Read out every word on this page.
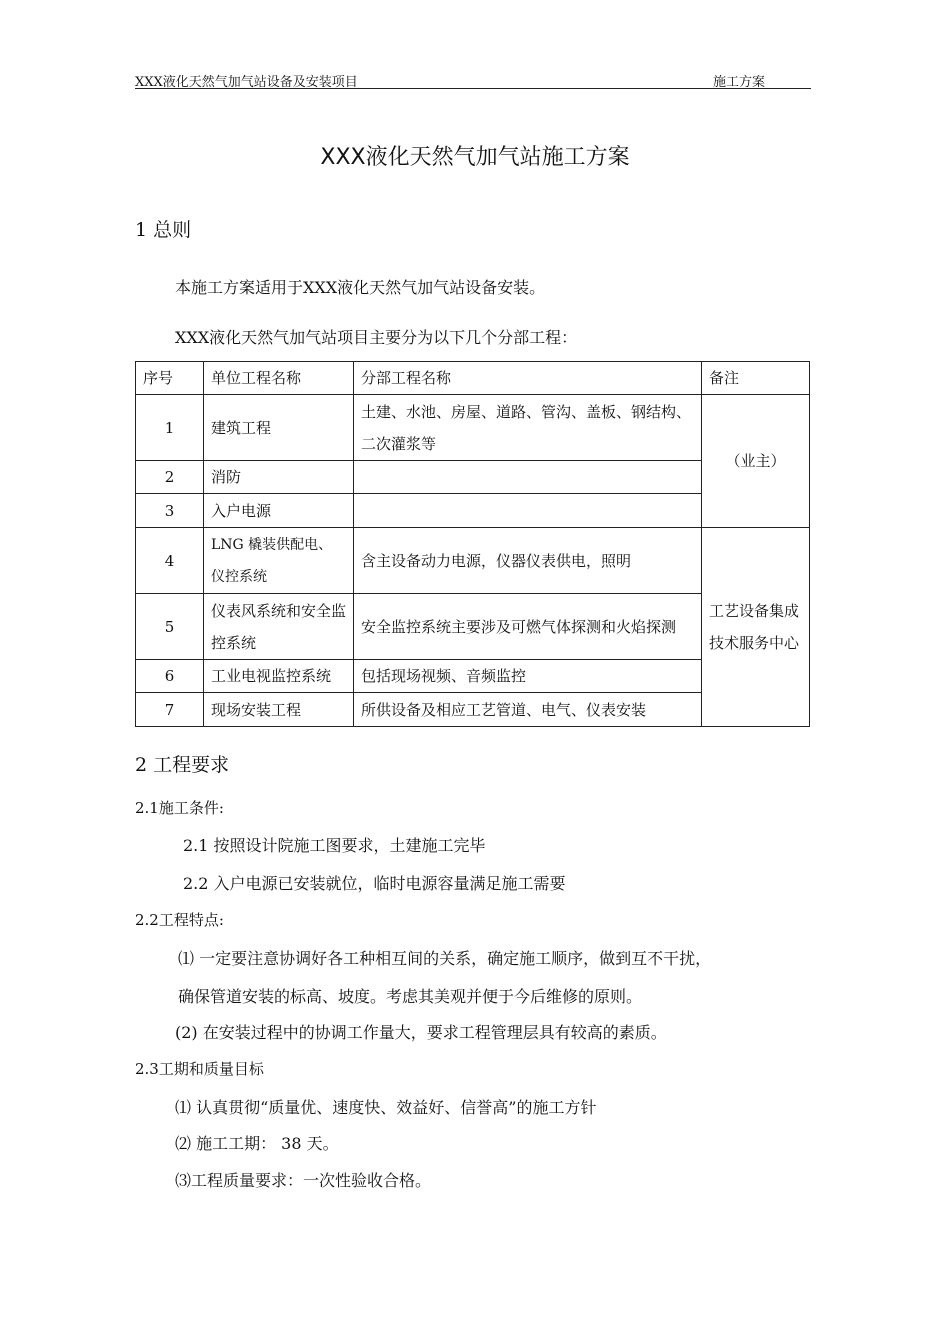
XXX液化天然气加气站设备及安装项目	施工方案
XXX液化天然气加气站施工方案
1 总则
本施工方案适用于XXX液化天然气加气站设备安装。
XXX液化天然气加气站项目主要分为以下几个分部工程：
序号	单位工程名称	分部工程名称	备注
1	建筑工程	土建、水池、房屋、道路、管沟、盖板、钢结构、二次灌浆等	（业主）
2	消防		
3	入户电源		
4	LNG 橇装供配电、仪控系统	含主设备动力电源，仪器仪表供电，照明	工艺设备集成技术服务中心

5	仪表风系统和安全监控系统	安全监控系统主要涉及可燃气体探测和火焰探测	

6	工业电视监控系统	包括现场视频、音频监控	
7	现场安装工程	所供设备及相应工艺管道、电气、仪表安装	
2 工程要求
2.1施工条件:
2.1 按照设计院施工图要求，土建施工完毕
2.2 入户电源已安装就位，临时电源容量满足施工需要
2.2工程特点:
⑴ 一定要注意协调好各工种相互间的关系，确定施工顺序，做到互不干扰，
确保管道安装的标高、坡度。考虑其美观并便于今后维修的原则。
(2) 在安装过程中的协调工作量大，要求工程管理层具有较高的素质。
2.3工期和质量目标
⑴ 认真贯彻“质量优、速度快、效益好、信誉高”的施工方针
⑵ 施工工期： 38 天。
⑶工程质量要求：一次性验收合格。
